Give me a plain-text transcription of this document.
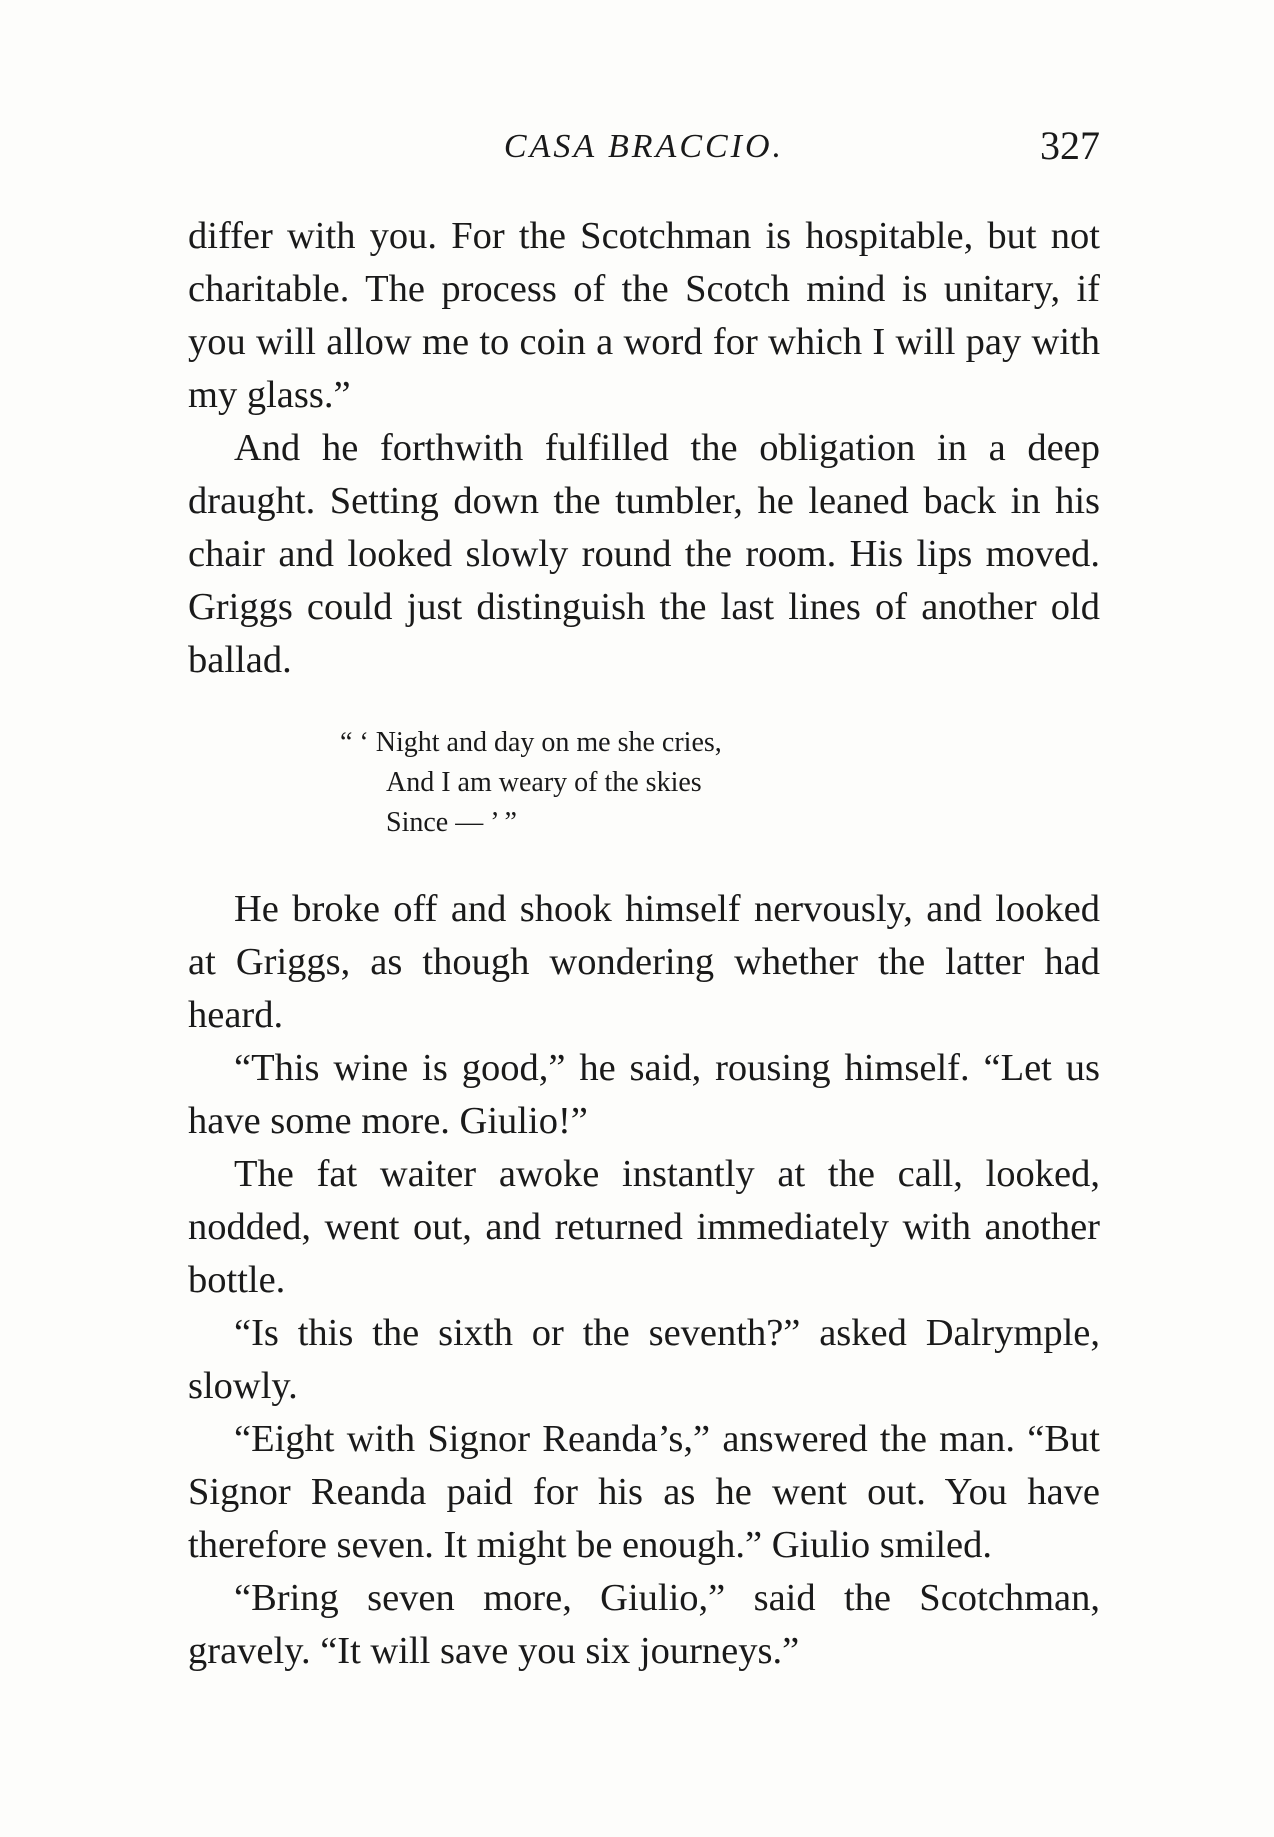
CASA BRACCIO.	327

differ with you. For the Scotchman is hospitable, but not charitable. The process of the Scotch mind is unitary, if you will allow me to coin a word for which I will pay with my glass.”

And he forthwith fulfilled the obligation in a deep draught. Setting down the tumbler, he leaned back in his chair and looked slowly round the room. His lips moved. Griggs could just distinguish the last lines of another old ballad.

“ ‘ Night and day on me she cries,
And I am weary of the skies
Since — ’ ”

He broke off and shook himself nervously, and looked at Griggs, as though wondering whether the latter had heard.

“This wine is good,” he said, rousing himself. “Let us have some more. Giulio!”

The fat waiter awoke instantly at the call, looked, nodded, went out, and returned immediately with another bottle.

“Is this the sixth or the seventh?” asked Dalrymple, slowly.

“Eight with Signor Reanda’s,” answered the man. “But Signor Reanda paid for his as he went out. You have therefore seven. It might be enough.” Giulio smiled.

“Bring seven more, Giulio,” said the Scotchman, gravely. “It will save you six journeys.”
